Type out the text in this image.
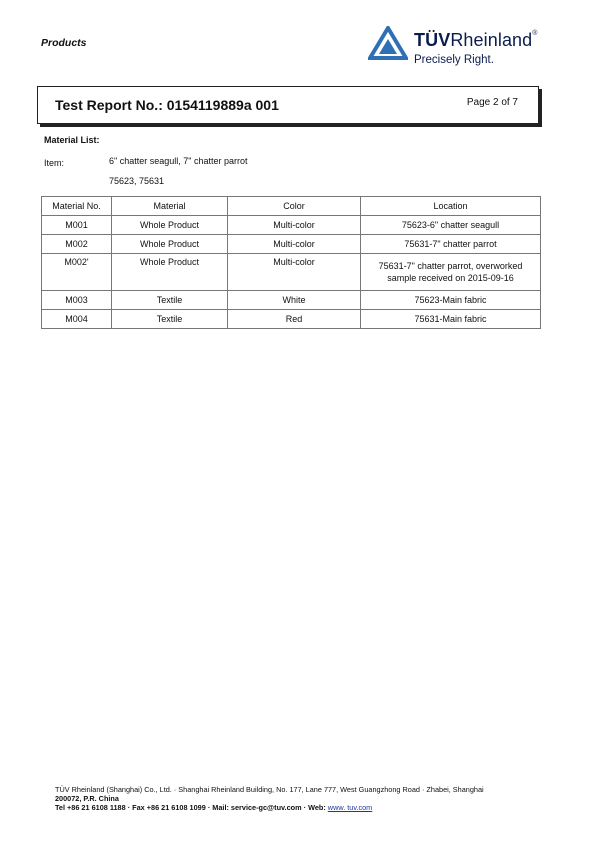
Products	TÜVRheinland®
Precisely Right.
Test Report No.: 0154119889a 001	Page 2 of 7
Material List:
Item:	6" chatter seagull, 7" chatter parrot
75623, 75631
Material No.	Material	Color	Location
M001	Whole Product	Multi-color	75623-6" chatter seagull
M002	Whole Product	Multi-color	75631-7" chatter parrot
M002'	Whole Product	Multi-color	75631-7" chatter parrot, overworked sample received on 2015-09-16
M003	Textile	White	75623-Main fabric
M004	Textile	Red	75631-Main fabric
TÜV Rheinland (Shanghai) Co., Ltd. · Shanghai Rheinland Building, No. 177, Lane 777, West Guangzhong Road · Zhabei, Shanghai
200072, P.R. China
Tel +86 21 6108 1188 · Fax +86 21 6108 1099 · Mail: service-gc@tuv.com · Web: www. tuv.com
